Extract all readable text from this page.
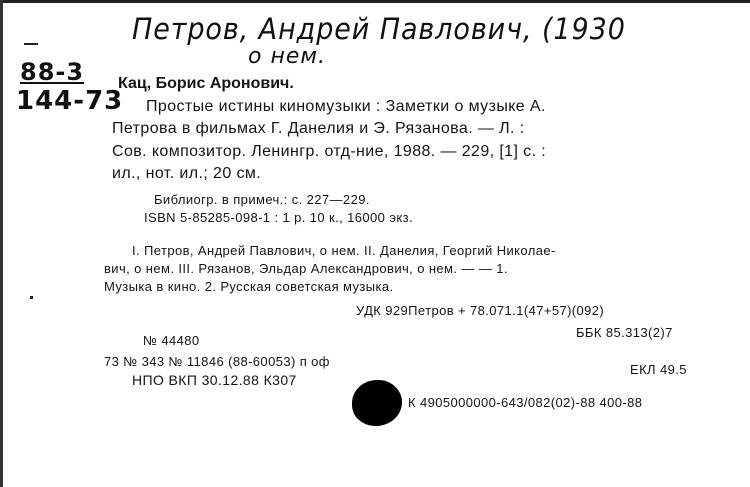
Петров, Андрей Павлович, (1930
о нем.
88-3
144-73
Кац, Борис Аронович.
Простые истины киномузыки : Заметки о музыке А.
Петрова в фильмах Г. Данелия и Э. Рязанова. — Л. :
Сов. композитор. Ленингр. отд-ние, 1988. — 229, [1] с. :
ил., нот. ил.; 20 см.
Библиогр. в примеч.: с. 227—229.
ISBN 5-85285-098-1 : 1 р. 10 к., 16000 экз.
I. Петров, Андрей Павлович, о нем. II. Данелия, Георгий Николае-
вич, о нем. III. Рязанов, Эльдар Александрович, о нем. — — 1.
Музыка в кино. 2. Русская советская музыка.
УДК 929Петров + 78.071.1(47+57)(092)
ББК 85.313(2)7
№ 44480
73 № 343 № 11846 (88-60053) п оф
ЕКЛ 49.5
НПО ВКП 30.12.88 К307
К 4905000000-643/082(02)-88 400-88
